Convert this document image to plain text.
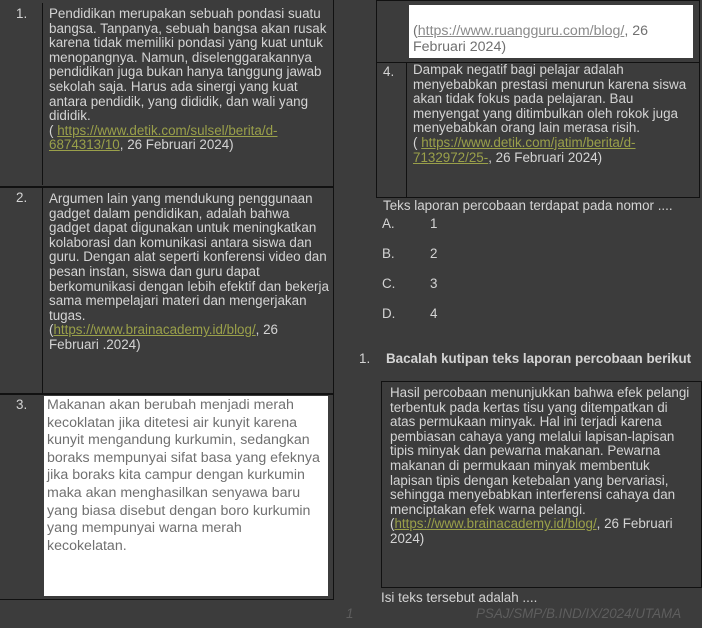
1.	Pendidikan merupakan sebuah pondasi suatu bangsa. Tanpanya, sebuah bangsa akan rusak karena tidak memiliki pondasi yang kuat untuk menopangnya. Namun, diselenggarakannya pendidikan juga bukan hanya tanggung jawab sekolah saja. Harus ada sinergi yang kuat antara pendidik, yang dididik, dan wali yang dididik.
( https://www.detik.com/sulsel/berita/d-6874313/10, 26 Februari 2024)
2.	Argumen lain yang mendukung penggunaan gadget dalam pendidikan, adalah bahwa gadget dapat digunakan untuk meningkatkan kolaborasi dan komunikasi antara siswa dan guru. Dengan alat seperti konferensi video dan pesan instan, siswa dan guru dapat berkomunikasi dengan lebih efektif dan bekerja sama mempelajari materi dan mengerjakan tugas.
(https://www.brainacademy.id/blog/, 26 Februari .2024)
3.	Makanan akan berubah menjadi merah kecoklatan jika ditetesi air kunyit karena kunyit mengandung kurkumin, sedangkan boraks mempunyai sifat basa yang efeknya jika boraks kita campur dengan kurkumin maka akan menghasilkan senyawa baru yang biasa disebut dengan boro kurkumin yang mempunyai warna merah kecokelatan.
(https://www.ruangguru.com/blog/, 26 Februari 2024)
4.	Dampak negatif bagi pelajar adalah menyebabkan prestasi menurun karena siswa akan tidak fokus pada pelajaran. Bau menyengat yang ditimbulkan oleh rokok juga menyebabkan orang lain merasa risih.
( https://www.detik.com/jatim/berita/d-7132972/25-, 26 Februari 2024)
Teks laporan percobaan terdapat pada nomor ....
A.	1
B.	2
C.	3
D.	4
1. Bacalah kutipan teks laporan percobaan berikut
Hasil percobaan menunjukkan bahwa efek pelangi terbentuk pada kertas tisu yang ditempatkan di atas permukaan minyak. Hal ini terjadi karena pembiasan cahaya yang melalui lapisan-lapisan tipis minyak dan pewarna makanan. Pewarna makanan di permukaan minyak membentuk lapisan tipis dengan ketebalan yang bervariasi, sehingga menyebabkan interferensi cahaya dan menciptakan efek warna pelangi.
(https://www.brainacademy.id/blog/, 26 Februari 2024)
Isi teks tersebut adalah ....
1	PSAJ/SMP/B.IND/IX/2024/UTAMA
